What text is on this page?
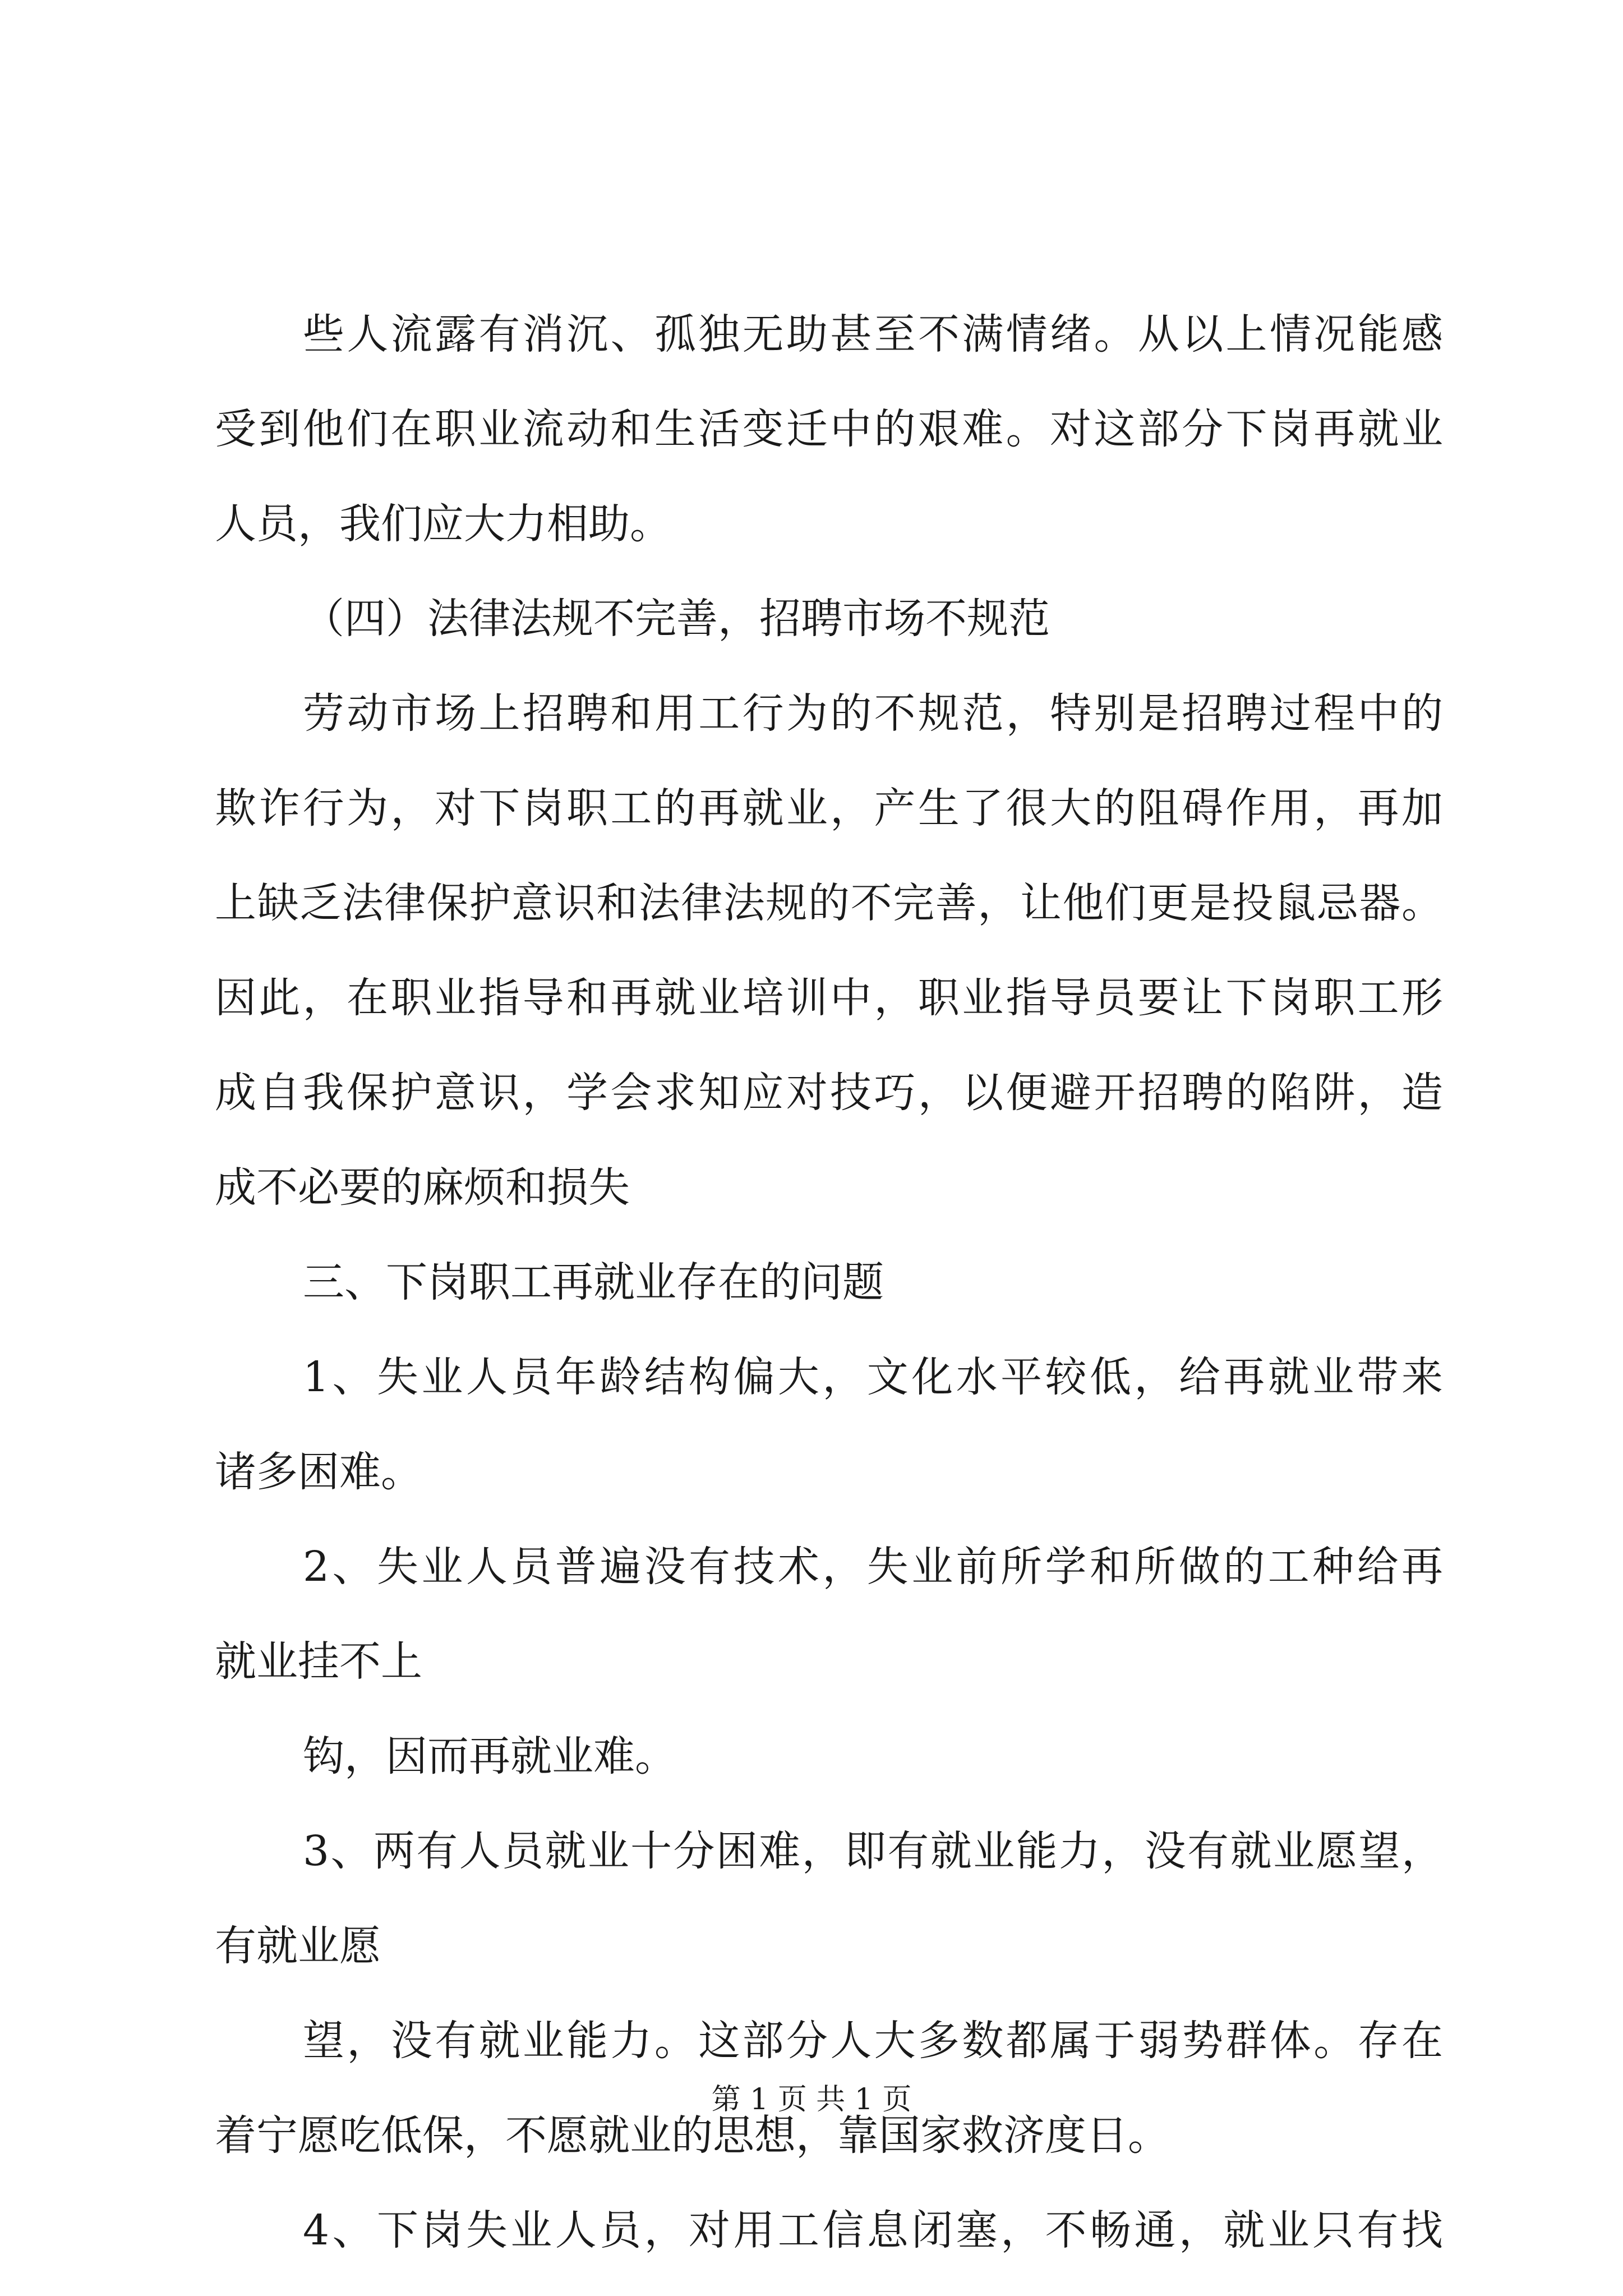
些人流露有消沉、孤独无助甚至不满情绪。从以上情况能感
受到他们在职业流动和生活变迁中的艰难。对这部分下岗再就业
人员，我们应大力相助。
（四）法律法规不完善，招聘市场不规范
劳动市场上招聘和用工行为的不规范，特别是招聘过程中的
欺诈行为，对下岗职工的再就业，产生了很大的阻碍作用，再加
上缺乏法律保护意识和法律法规的不完善，让他们更是投鼠忌器。
因此，在职业指导和再就业培训中，职业指导员要让下岗职工形
成自我保护意识，学会求知应对技巧，以便避开招聘的陷阱，造
成不必要的麻烦和损失
三、下岗职工再就业存在的问题
1、失业人员年龄结构偏大，文化水平较低，给再就业带来
诸多困难。
2、失业人员普遍没有技术，失业前所学和所做的工种给再
就业挂不上
钩，因而再就业难。
3、两有人员就业十分困难，即有就业能力，没有就业愿望，
有就业愿
望，没有就业能力。这部分人大多数都属于弱势群体。存在
着宁愿吃低保，不愿就业的思想，靠国家救济度日。
4、下岗失业人员，对用工信息闭塞，不畅通，就业只有找
第 1 页 共 1 页
